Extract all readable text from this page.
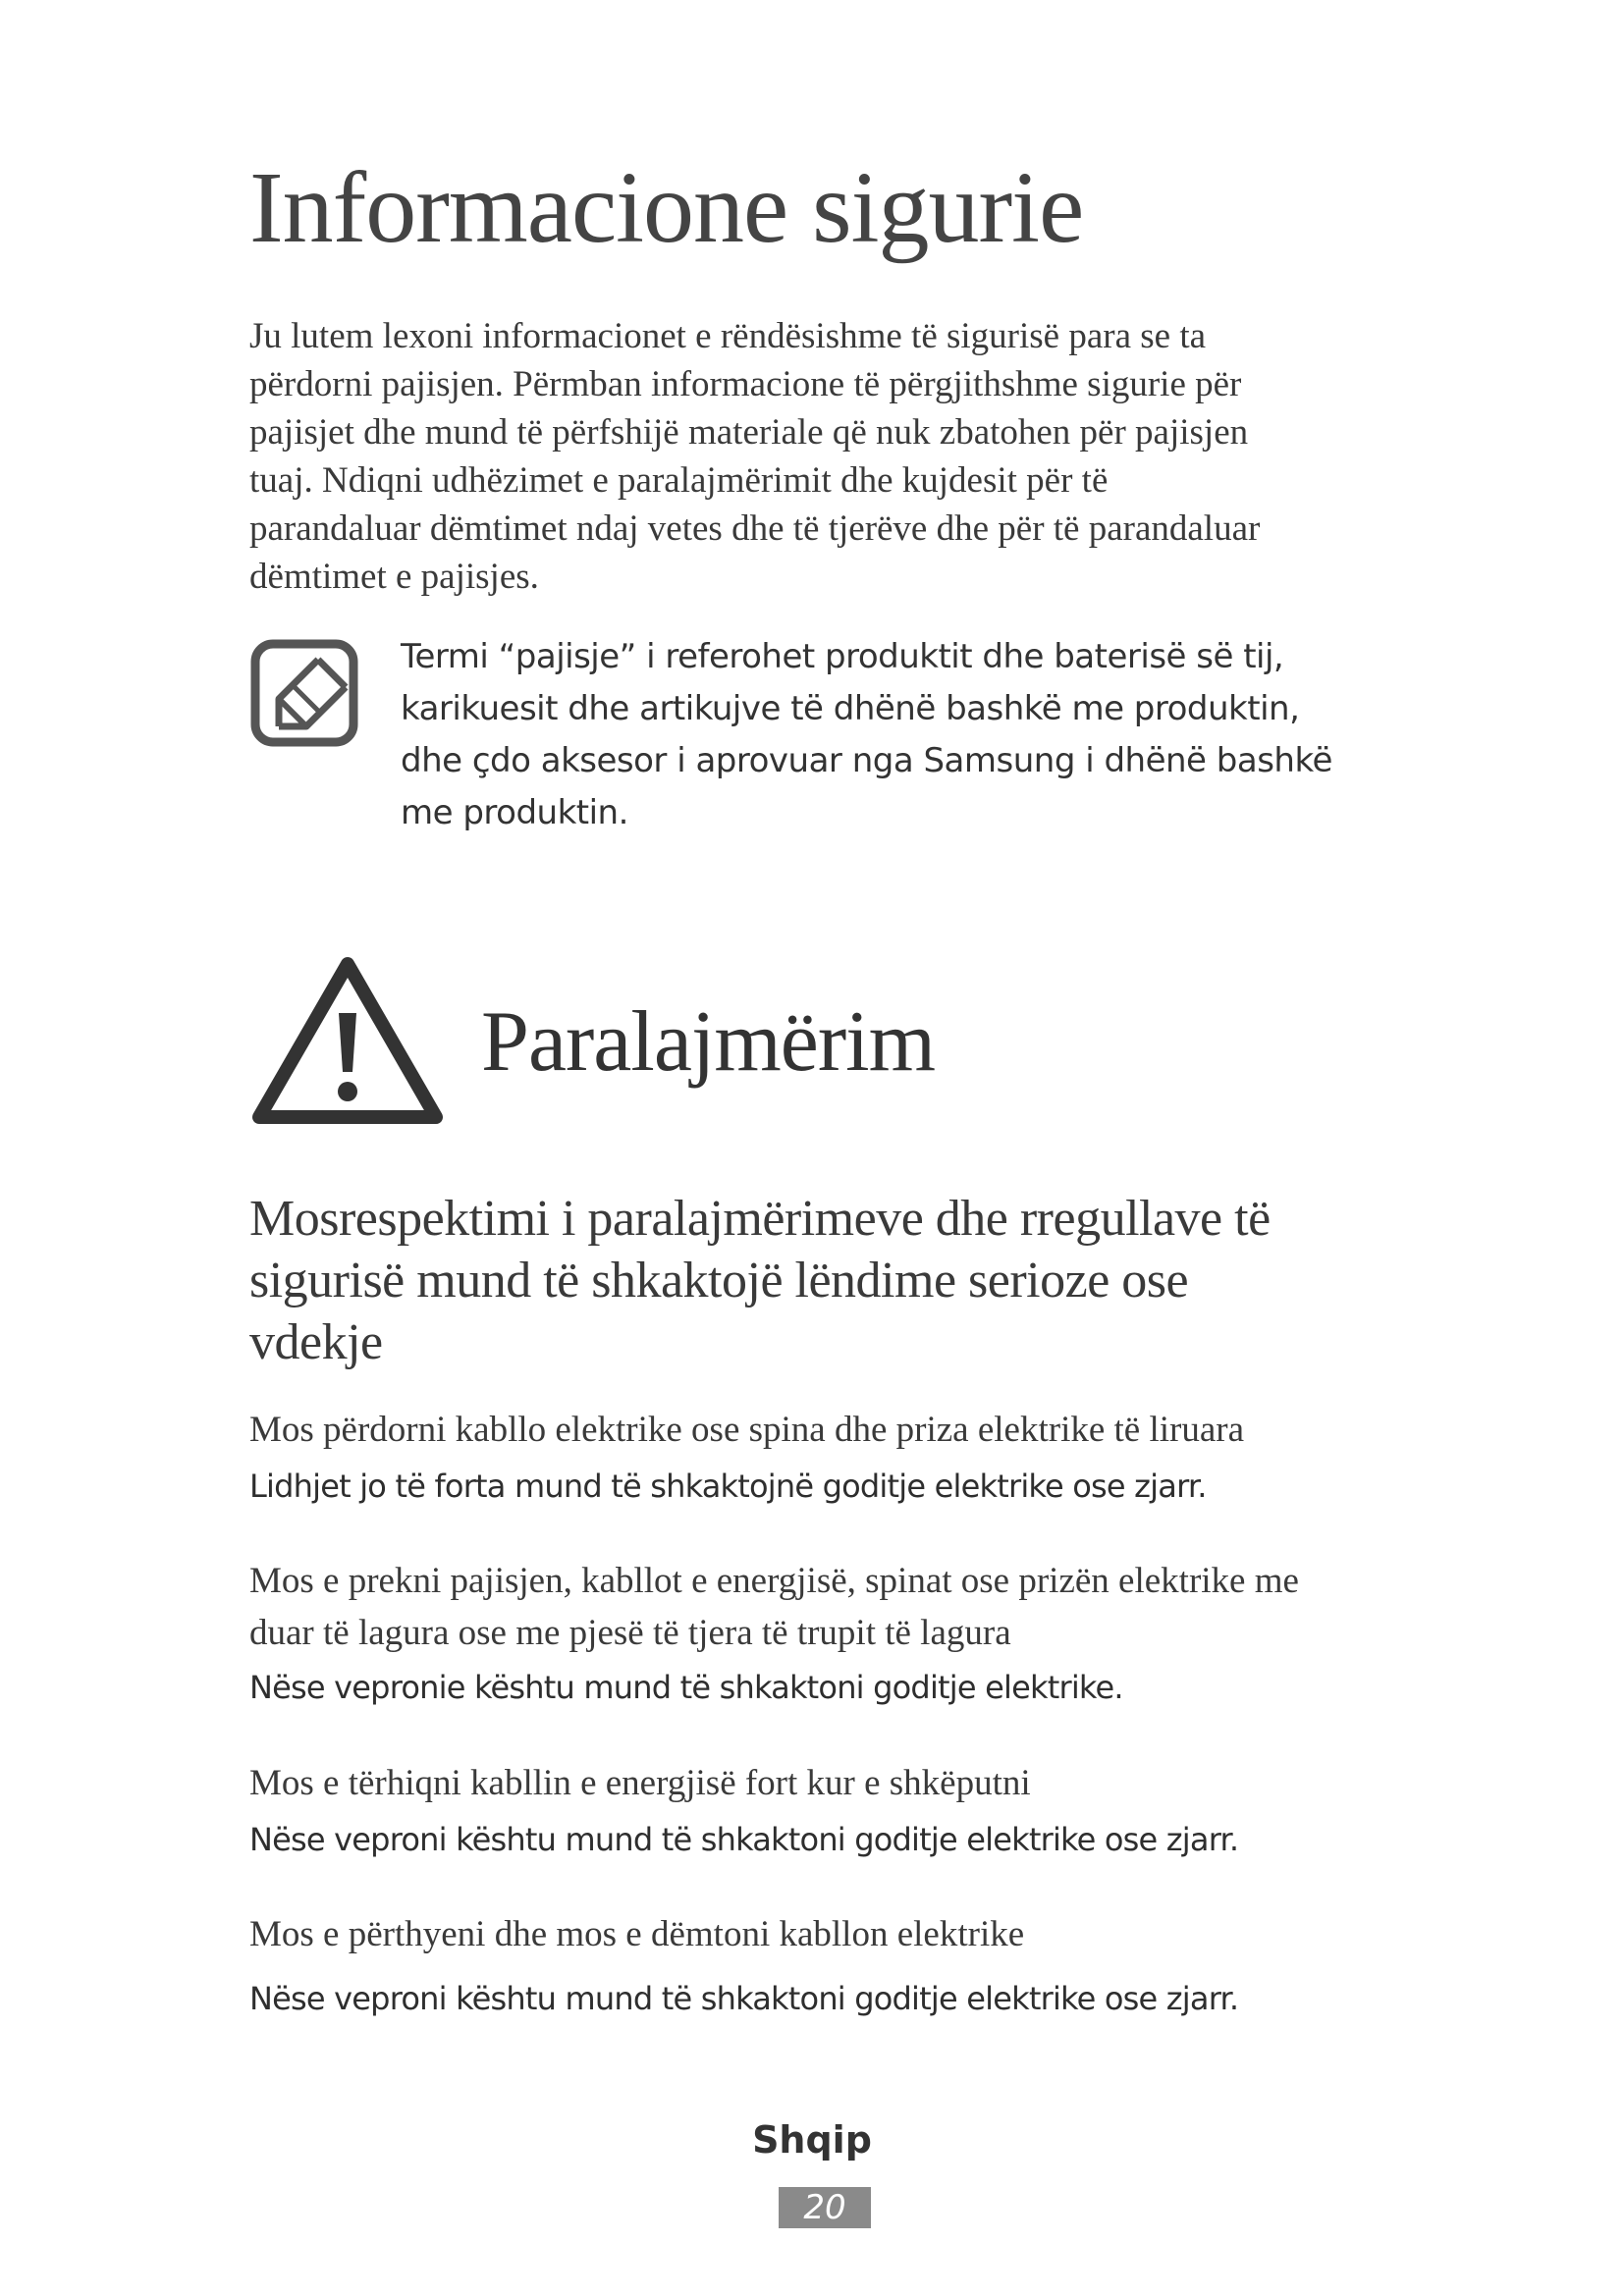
Informacione sigurie

Ju lutem lexoni informacionet e rëndësishme të sigurisë para se ta përdorni pajisjen. Përmban informacione të përgjithshme sigurie për pajisjet dhe mund të përfshijë materiale që nuk zbatohen për pajisjen tuaj. Ndiqni udhëzimet e paralajmërimit dhe kujdesit për të parandaluar dëmtimet ndaj vetes dhe të tjerëve dhe për të parandaluar dëmtimet e pajisjes.

Termi “pajisje” i referohet produktit dhe baterisë së tij, karikuesit dhe artikujve të dhënë bashkë me produktin, dhe çdo aksesor i aprovuar nga Samsung i dhënë bashkë me produktin.

Paralajmërim
Mosrespektimi i paralajmërimeve dhe rregullave të sigurisë mund të shkaktojë lëndime serioze ose vdekje

Mos përdorni kabllo elektrike ose spina dhe priza elektrike të liruara

Lidhjet jo të forta mund të shkaktojnë goditje elektrike ose zjarr.

Mos e prekni pajisjen, kabllot e energjisë, spinat ose prizën elektrike me duar të lagura ose me pjesë të tjera të trupit të lagura

Nëse vepronie kështu mund të shkaktoni goditje elektrike.

Mos e tërhiqni kabllin e energjisë fort kur e shkëputni

Nëse veproni kështu mund të shkaktoni goditje elektrike ose zjarr.

Mos e përthyeni dhe mos e dëmtoni kabllon elektrike

Nëse veproni kështu mund të shkaktoni goditje elektrike ose zjarr.

Shqip
20
